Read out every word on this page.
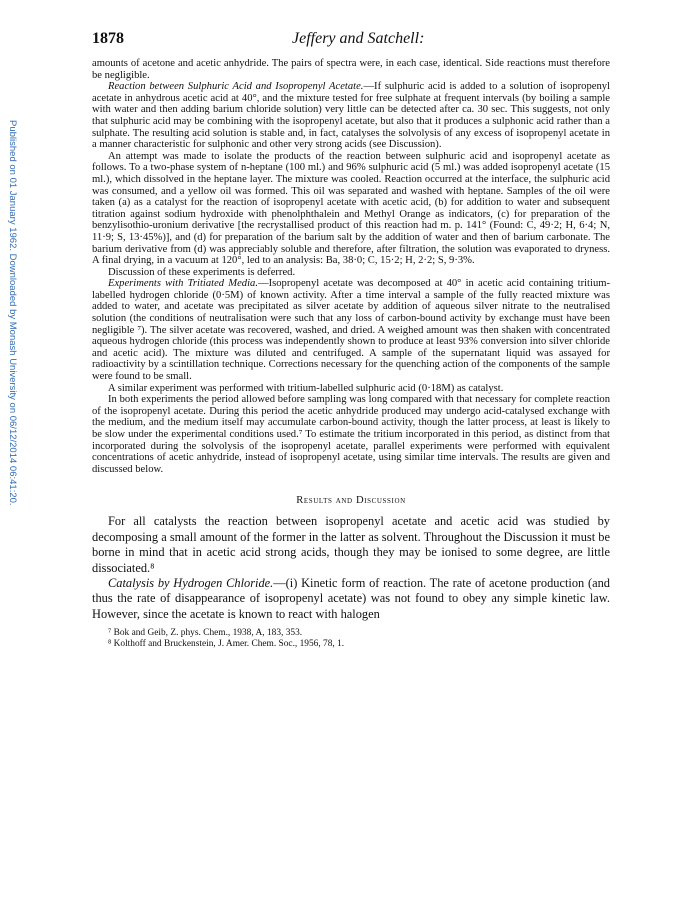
Published on 01 January 1962. Downloaded by Monash University on 06/12/2014 06:41:20.
1878	Jeffery and Satchell:

amounts of acetone and acetic anhydride. The pairs of spectra were, in each case, identical. Side reactions must therefore be negligible.

Reaction between Sulphuric Acid and Isopropenyl Acetate.—If sulphuric acid is added to a solution of isopropenyl acetate in anhydrous acetic acid at 40°, and the mixture tested for free sulphate at frequent intervals (by boiling a sample with water and then adding barium chloride solution) very little can be detected after ca. 30 sec. This suggests, not only that sulphuric acid may be combining with the isopropenyl acetate, but also that it produces a sulphonic acid rather than a sulphate. The resulting acid solution is stable and, in fact, catalyses the solvolysis of any excess of isopropenyl acetate in a manner characteristic for sulphonic and other very strong acids (see Discussion).

An attempt was made to isolate the products of the reaction between sulphuric acid and isopropenyl acetate as follows. To a two-phase system of n-heptane (100 ml.) and 96% sulphuric acid (5 ml.) was added isopropenyl acetate (15 ml.), which dissolved in the heptane layer. The mixture was cooled. Reaction occurred at the interface, the sulphuric acid was consumed, and a yellow oil was formed. This oil was separated and washed with heptane. Samples of the oil were taken (a) as a catalyst for the reaction of isopropenyl acetate with acetic acid, (b) for addition to water and subsequent titration against sodium hydroxide with phenolphthalein and Methyl Orange as indicators, (c) for preparation of the benzylisothio-uronium derivative [the recrystallised product of this reaction had m. p. 141° (Found: C, 49·2; H, 6·4; N, 11·9; S, 13·45%)], and (d) for preparation of the barium salt by the addition of water and then of barium carbonate. The barium derivative from (d) was appreciably soluble and therefore, after filtration, the solution was evaporated to dryness. A final drying, in a vacuum at 120°, led to an analysis: Ba, 38·0; C, 15·2; H, 2·2; S, 9·3%.

Discussion of these experiments is deferred.

Experiments with Tritiated Media.—Isopropenyl acetate was decomposed at 40° in acetic acid containing tritium-labelled hydrogen chloride (0·5M) of known activity. After a time interval a sample of the fully reacted mixture was added to water, and acetate was precipitated as silver acetate by addition of aqueous silver nitrate to the neutralised solution (the conditions of neutralisation were such that any loss of carbon-bound activity by exchange must have been negligible ⁷). The silver acetate was recovered, washed, and dried. A weighed amount was then shaken with concentrated aqueous hydrogen chloride (this process was independently shown to produce at least 93% conversion into silver chloride and acetic acid). The mixture was diluted and centrifuged. A sample of the supernatant liquid was assayed for radioactivity by a scintillation technique. Corrections necessary for the quenching action of the components of the sample were found to be small.

A similar experiment was performed with tritium-labelled sulphuric acid (0·18M) as catalyst.

In both experiments the period allowed before sampling was long compared with that necessary for complete reaction of the isopropenyl acetate. During this period the acetic anhydride produced may undergo acid-catalysed exchange with the medium, and the medium itself may accumulate carbon-bound activity, though the latter process, at least is likely to be slow under the experimental conditions used.⁷ To estimate the tritium incorporated in this period, as distinct from that incorporated during the solvolysis of the isopropenyl acetate, parallel experiments were performed with equivalent concentrations of acetic anhydride, instead of isopropenyl acetate, using similar time intervals. The results are given and discussed below.

Results and Discussion

For all catalysts the reaction between isopropenyl acetate and acetic acid was studied by decomposing a small amount of the former in the latter as solvent. Throughout the Discussion it must be borne in mind that in acetic acid strong acids, though they may be ionised to some degree, are little dissociated.⁸

Catalysis by Hydrogen Chloride.—(i) Kinetic form of reaction. The rate of acetone production (and thus the rate of disappearance of isopropenyl acetate) was not found to obey any simple kinetic law. However, since the acetate is known to react with halogen

⁷ Bok and Geib, Z. phys. Chem., 1938, A, 183, 353.

⁸ Kolthoff and Bruckenstein, J. Amer. Chem. Soc., 1956, 78, 1.
